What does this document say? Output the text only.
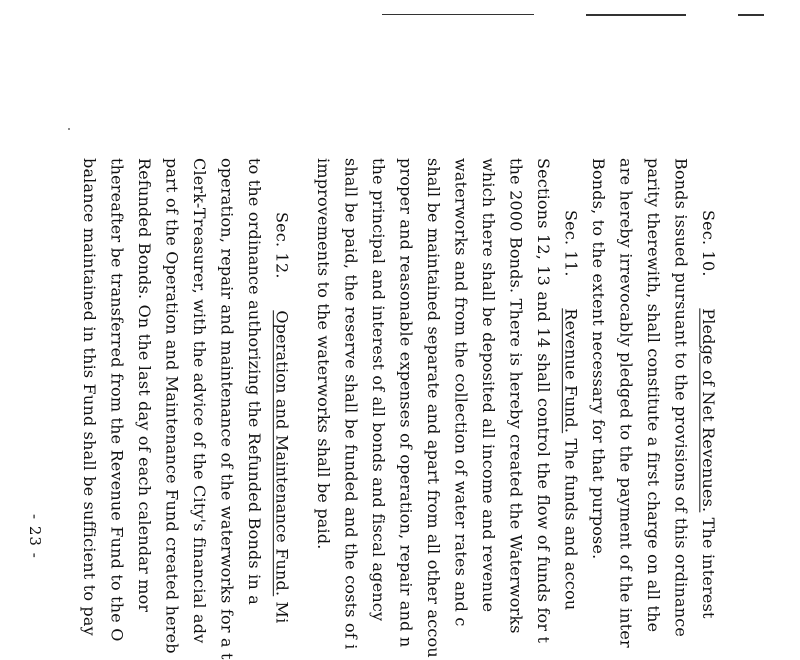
Sec. 10.      Pledge of Net Revenues. The interest
Bonds issued pursuant to the provisions of this ordinance
parity therewith, shall constitute a first charge on all the
are hereby irrevocably pledged to the payment of the inter
Bonds, to the extent necessary for that purpose.
Sec. 11.      Revenue Fund. The funds and accou
Sections 12, 13 and 14 shall control the flow of funds for t
the 2000 Bonds. There is hereby created the Waterworks
which there shall be deposited all income and revenue
waterworks and from the collection of water rates and c
shall be maintained separate and apart from all other accou
proper and reasonable expenses of operation, repair and n
the principal and interest of all bonds and fiscal agency
shall be paid, the reserve shall be funded and the costs of i
improvements to the waterworks shall be paid.
Sec. 12.      Operation and Maintenance Fund. Mi
to the ordinance authorizing the Refunded Bonds in a
operation, repair and maintenance of the waterworks for a t
Clerk-Treasurer, with the advice of the City's financial adv
part of the Operation and Maintenance Fund created hereb
Refunded Bonds. On the last day of each calendar mor
thereafter be transferred from the Revenue Fund to the O
balance maintained in this Fund shall be sufficient to pay
- 23 -
